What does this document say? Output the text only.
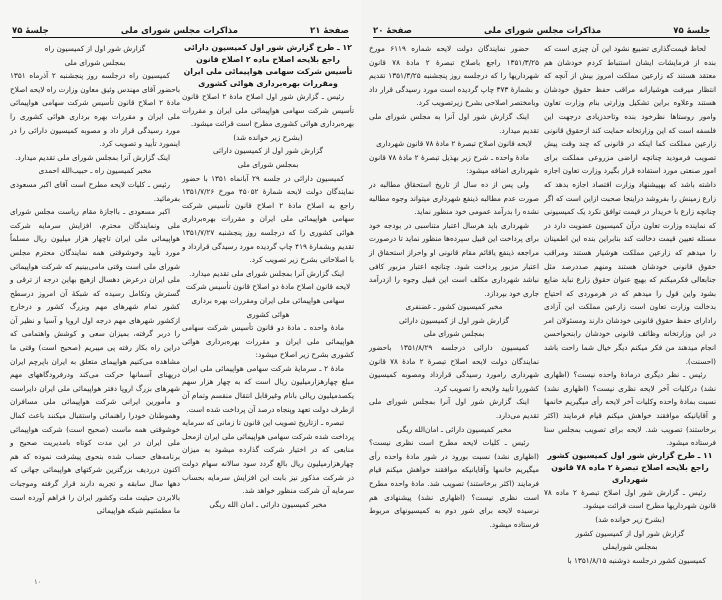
صفحهٔ ۲۱
مذاکرات مجلس شورای ملی
جلسهٔ ۷۵

۱۲ ـ طرح گزارش شور اول کمیسیون دارائی راجع بلایحه اصلاح ماده ۲ اصلاح قانون تأسیس شرکت سهامی هواپیمائی ملی ایران ومقررات بهره‌برداری هوائی کشوری

رئیس ـ گزارش شور اول اصلاح مادهٔ ۲ اصلاح قانون تأسیس شرکت سهامی هواپیمائی ملی ایران و مقررات بهره‌برداری هوائی کشوری مطرح است قرائت میشود.

(بشرح زیر خوانده شد)

گزارش شور اول از کمیسیون دارائی

بمجلس شورای ملی

کمیسیون دارائی در جلسه ۲۹ آبانماه ۱۳۵۱ با حضور نمایندگان دولت لایحه شمارهٔ ۴۵۰۵۲ مورخ ۱۳۵۱/۷/۲۶ راجع به اصلاح مادهٔ ۲ اصلاح قانون تأسیس شرکت سهامی هواپیمائی ملی ایران و مقررات بهره‌برداری هوائی کشوری را که درجلسه روز پنجشنبه ۱۳۵۱/۷/۲۷ تقدیم وبشمارهٔ ۴۱۹ چاپ گردیده مورد رسیدگی قرارداد و با اصلاحاتی بشرح زیر تصویب کرد.

اینک گزارش آنرا بمجلس شورای ملی تقدیم میدارد.

لایحه قانون اصلاح مادهٔ دو اصلاح قانون تأسیس شرکت سهامی هواپیمائی ملی ایران ومقررات بهره برداری هوائی کشوری

مادهٔ واحده ـ مادهٔ دو قانون تأسیس شرکت سهامی هواپیمائی ملی ایران و مقررات بهره‌برداری هوائی کشوری بشرح زیر اصلاح میشود:

مادهٔ ۲ ـ سرمایهٔ شرکت سهامی هواپیمائی ملی ایران مبلغ چهارهزارمیلیون ریال است که به چهار هزار سهم یکصدمیلیون ریالی بانام وغیرقابل انتقال منقسم وتمام آن ازطرف دولت تعهد وپنجاه درصد آن پرداخت شده است.

تبصره ـ ازتاریخ تصویب این قانون تا زمانی که سرمایه پرداخت شده شرکت سهامی هواپیمائی ملی ایران ازمحل منابعی که در اختیار شرکت گذارده میشود به میزان چهارهزارمیلیون ریال بالغ گردد سود سالانه سهام دولت در شرکت مذکور نیز بابت این افزایش سرمایه بحساب سرمایه آن شرکت منظور خواهد شد.

مخبر کمیسیون دارائی ـ امان الله ریگی

گزارش شور اول از کمیسیون راه

بمجلس شورای ملی

کمیسیون راه درجلسه روز پنجشنبه ۲ آذرماه ۱۳۵۱ باحضور آقای مهندس وثیق معاون وزارت راه لایحه اصلاح مادهٔ ۲ اصلاح قانون تأسیس شرکت سهامی هواپیمائی ملی ایران و مقررات بهره برداری هوائی کشوری را مورد رسیدگی قرار داد و مصوبه کمیسیون دارائی را در اینمورد تأیید و تصویب کرد.

اینک گزارش آنرا بمجلس شورای ملی تقدیم میدارد.

مخبر کمیسیون راه ـ حبیب‌الله احمدی

رئیس ـ کلیات لایحه مطرح است آقای اکبر مسعودی بفرمائید.

اکبر مسعودی ـ بااجازهٔ مقام ریاست مجلس شورای ملی ونمایندگان محترم، افزایش سرمایه شرکت هواپیمائی ملی ایران تاچهار هزار میلیون ریال مسلماً مورد تأیید وخوشوقتی همه نمایندگان محترم مجلس شورای ملی است وقتی مامی‌بینیم که شرکت هواپیمائی ملی ایران درعرض دهسال ازهیچ بهاین درجه از ترقی و گسترش وتکامل رسیده که شبکهٔ آن امروز درسطح کشور تمام شهرهای مهم وبزرگ کشور و درخارج ازکشور شهرهای مهم درجه اول اروپا و آسیا و نظیر آن را دربر گرفته، بمیزان سعی و کوشش واهتمامی که دراین راه بکار رفته پی میبریم (صحیح است) وقتی ما مشاهده می‌کنیم هواپیمای متعلق به ایران باپرچم ایران درپهنای آسمانها حرکت می‌کند ودرفرودگاههای مهم شهرهای بزرگ اروپا دفتر هواپیمائی ملی ایران دایراست و مأمورین ایرانی شرکت هواپیمائی ملی مسافران وهموطنان خودرا راهنمائی واستقبال میکنند باعث کمال خوشوقتی همه ماست (صحیح است) شرکت هواپیمائی ملی ایران در این مدت کوتاه بامدیریت صحیح و برنامه‌های حساب شده بنحوی پیشرفت نموده که هم اکنون درردیف بزرگترین شرکتهای هواپیمائی جهانی که دهها سال سابقه و تجربه دارند قرار گرفته وموجبات بالابردن حیثیت ملت وکشور ایران را فراهم آورده است ما مطمئنیم شبکه هواپیمائی

۱۰
جلسهٔ ۷۵
مذاکرات مجلس شورای ملی
صفحهٔ ۲۰

لحاظ قیمت‌گذاری تضییع نشود این آن چیزی است که بنده از فرمایشات ایشان استنباط کردم خودشان‌ هم معتقد هستند که زارعین مملکت امروز بیش از آنچه که انتظار میرفت هوشیارانه مراقب حفظ حقوق خودشان هستند وعلاوه براین تشکیل وزارتی بنام وزارت تعاون وامور روستاها نظرخود بنده وتاحدزیادی درجهت این فلسفه است که این وزارتخانه حمایت کند ازحقوق قانونی زارعین مملکت کما اینکه در قانونی که چند وقت پیش تصویب فرمودید چنانچه اراضی مزروعی مملکت برای امور صنعتی مورد استفاده قرار بگیرد وزارت تعاون اجازه داشته باشد که بهپیشنهاد وزارت اقتصاد اجازه بدهد که زارع زمینش را بفروشد دراینجا صحبت ازاین است که اگر چنانچه زارع با خریدار در قیمت توافق نکرد یک کمیسیونی که نماینده وزارت تعاون درآن کمیسیون عضویت دارد در مسئله تعیین قیمت دخالت کند بنابراین بنده این اطمینان را میدهم که زارعین مملکت هوشیار هستند ومراقب حقوق قانونی خودشان هستند ومنهم صددرصد مثل جنابعالی فکرمیکنم که بهیچ عنوان حقوق زارع نباید ضایع بشود واین قول را میدهم که در هرموردی که احتیاج بدخالت وزارت تعاون است زارعین مملکت این آزادی رادارای حفظ حقوق قانونی خودشان دارند ومسئولان امر در این وزارتخانه وظائف قانونی خودشان رابنحواحسن انجام میدهند من فکر میکنم دیگر خیال شما راحت باشد (احسنت).

رئیس ـ نظر دیگری درمادهٔ واحده نیست؟ (اظهاری نشد) درکلیات آخر لایحه نظری نیست؟ (اظهاری نشد) نسبت بمادهٔ واحده وکلیات آخر لایحه رأی میگیریم خانمها و آقایانیکه موافقند خواهش میکنم قیام فرمایند (اکثر برخاستند) تصویب شد. لایحه برای تصویب بمجلس سنا فرستاده میشود.

۱۱ ـ طرح گزارش شور اول کمیسیون کشور راجع بلایحه اصلاح تبصرهٔ ۲ ماده ۷۸ قانون شهرداری

رئیس ـ گزارش شور اول اصلاح تبصرهٔ ۲ ماده ۷۸ قانون شهرداریها مطرح است قرائت میشود.

(بشرح زیر خوانده شد)

گزارش شور اول از کمیسیون کشور

بمجلس شورایملی

کمیسیون کشور درجلسه دوشنبه ۱۳۵۱/۸/۱۵ با

حضور نمایندگان دولت لایحه شماره ۶۱۱۹ مورخ ۱۳۵۱/۳/۲۵ راجع باصلاح تبصرهٔ ۲ مادهٔ ۷۸ قانون شهرداریها را که درجلسه روز پنجشنبه ۱۳۵۱/۳/۲۵ تقدیم و بشمارهٔ ۳۷۳ چاپ گردیده است مورد رسیدگی قرار داد وبامختصر اصلاحی بشرح زیرتصویب کرد.

اینک گزارش شور اول آنرا به مجلس شورای ملی تقدیم میدارد.

لایحه قانون اصلاح تبصرهٔ ۲ مادهٔ ۷۸ قانون شهرداری

مادهٔ واحده ـ شرح زیر بهذیل تبصرهٔ ۲ مادهٔ ۷۸ قانون شهرداری اضافه میشود:

ولی پس از ده سال از تاریخ استحقاق مطالبه در صورت عدم مطالبه ذینفع شهرداری میتواند وجوه مطالبه نشده را بدرآمد عمومی خود منظور نماید.

شهرداری باید هرسال اعتبار متناسبی در بودجه خود برای پرداخت این قبیل سپرده‌ها منظور نماید تا درصورت مراجعه ذینفع یاقائم مقام قانونی او واحراز استحقاق از اعتبار مزبور پرداخت شود. چنانچه اعتبار مزبور کافی نباشد شهرداری مکلف است این قبیل وجوه را ازدرآمد جاری خود بپردازد.

مخبر کمیسیون کشور ـ غضنفری

گزارش شور اول از کمیسیون دارائی

بمجلس شورای ملی

کمیسیون دارائی درجلسه ۱۳۵۱/۸/۲۹ باحضور نمایندگان دولت لایحه اصلاح تبصرهٔ ۲ مادهٔ ۷۸ قانون شهرداری رامورد رسیدگی قرارداد ومصوبه کمیسیون کشوررا تأیید ولایحه را تصویب کرد.

اینک گزارش شور اول آنرا بمجلس شورای ملی تقدیم می‌دارد.

مخبر کمیسیون دارائی ـ امان‌الله ریگی

رئیس ـ کلیات لایحه مطرح است نظری نیست؟ (اظهاری نشد) نسبت بورود در شور مادهٔ واحده رأی میگیریم خانمها وآقایانیکه موافقند خواهش میکنم قیام فرمایند (اکثر برخاستند) تصویب شد. مادهٔ واحده مطرح است نظری نیست؟ (اظهاری نشد) پیشنهادی هم نرسیده لایحه برای شور دوم به کمیسیونهای مربوط فرستاده میشود.
